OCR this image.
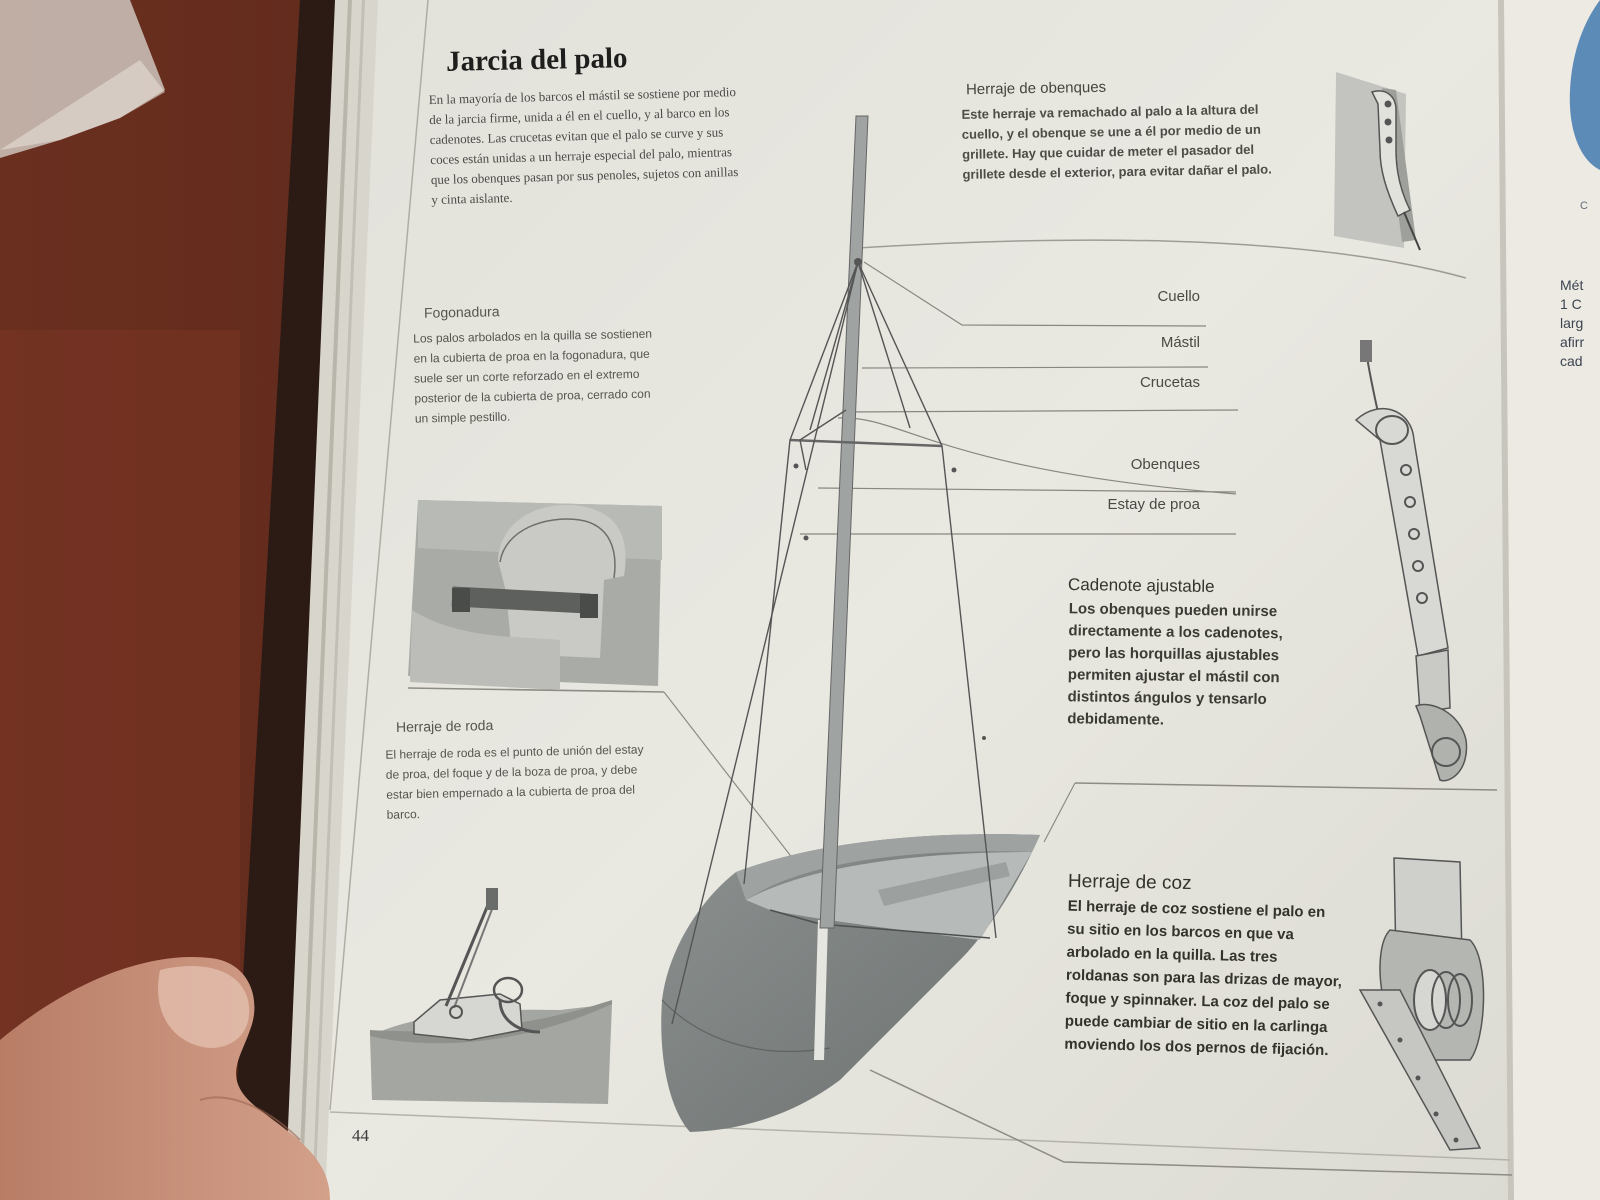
Jarcia del palo

En la mayoría de los barcos el mástil se sostiene por medio de la jarcia firme, unida a él en el cuello, y al barco en los cadenotes. Las crucetas evitan que el palo se curve y sus coces están unidas a un herraje especial del palo, mientras que los obenques pasan por sus penoles, sujetos con anillas y cinta aislante.

Fogonadura

Los palos arbolados en la quilla se sostienen en la cubierta de proa en la fogonadura, que suele ser un corte reforzado en el extremo posterior de la cubierta de proa, cerrado con un simple pestillo.

Herraje de roda

El herraje de roda es el punto de unión del estay de proa, del foque y de la boza de proa, y debe estar bien empernado a la cubierta de proa del barco.

Herraje de obenques

Este herraje va remachado al palo a la altura del cuello, y el obenque se une a él por medio de un grillete. Hay que cuidar de meter el pasador del grillete desde el exterior, para evitar dañar el palo.

Cuello
Mástil
Crucetas
Obenques
Estay de proa
Cadenote ajustable

Los obenques pueden unirse directamente a los cadenotes, pero las horquillas ajustables permiten ajustar el mástil con distintos ángulos y tensarlo debidamente.

Herraje de coz

El herraje de coz sostiene el palo en su sitio en los barcos en que va arbolado en la quilla. Las tres roldanas son para las drizas de mayor, foque y spinnaker. La coz del palo se puede cambiar de sitio en la carlinga moviendo los dos pernos de fijación.

44
Mét
1 C
larg
afirr
cad
C
